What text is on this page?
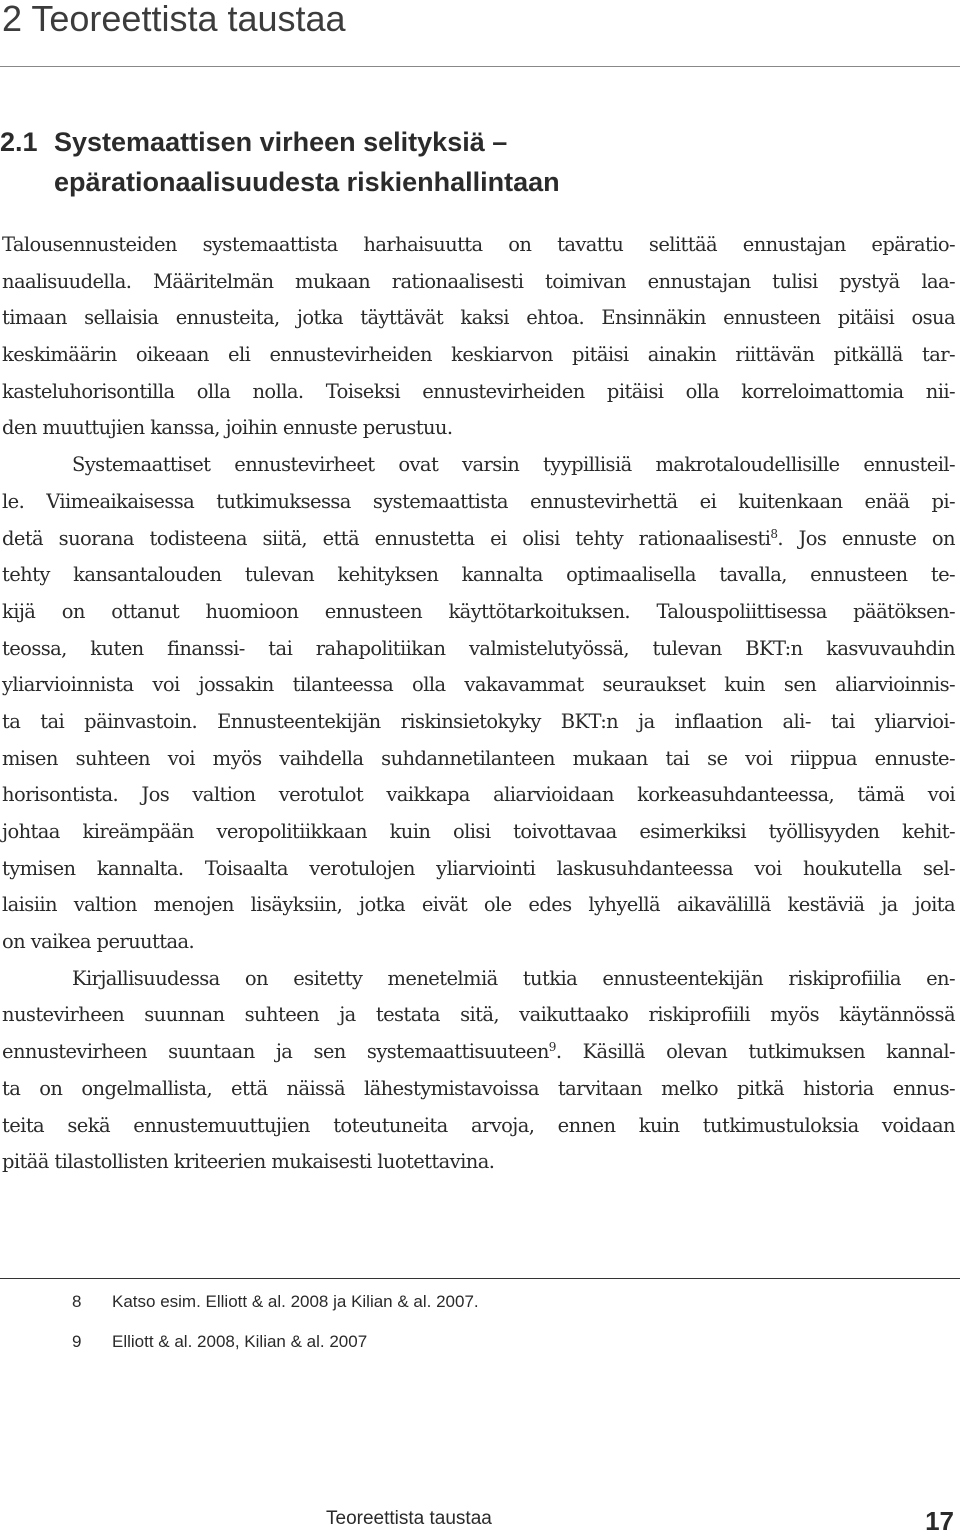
2 Teoreettista taustaa
2.1 Systemaattisen virheen selityksiä –
epärationaalisuudesta riskienhallintaan
Talousennusteiden systemaattista harhaisuutta on tavattu selittää ennustajan epäratio-
naalisuudella. Määritelmän mukaan rationaalisesti toimivan ennustajan tulisi pystyä laa-
timaan sellaisia ennusteita, jotka täyttävät kaksi ehtoa. Ensinnäkin ennusteen pitäisi osua
keskimäärin oikeaan eli ennustevirheiden keskiarvon pitäisi ainakin riittävän pitkällä tar-
kasteluhorisontilla olla nolla. Toiseksi ennustevirheiden pitäisi olla korreloimattomia nii-
den muuttujien kanssa, joihin ennuste perustuu.
Systemaattiset ennustevirheet ovat varsin tyypillisiä makrotaloudellisille ennusteil-
le. Viimeaikaisessa tutkimuksessa systemaattista ennustevirhettä ei kuitenkaan enää pi-
detä suorana todisteena siitä, että ennustetta ei olisi tehty rationaalisesti$^8$. Jos ennuste on
tehty kansantalouden tulevan kehityksen kannalta optimaalisella tavalla, ennusteen te-
kijä on ottanut huomioon ennusteen käyttötarkoituksen. Talouspoliittisessa päätöksen-
teossa, kuten finanssi- tai rahapolitiikan valmistelutyössä, tulevan BKT:n kasvuvauhdin
yliarvioinnista voi jossakin tilanteessa olla vakavammat seuraukset kuin sen aliarvioinnis-
ta tai päinvastoin. Ennusteentekijän riskinsietokyky BKT:n ja inflaation ali- tai yliarvioi-
misen suhteen voi myös vaihdella suhdannetilanteen mukaan tai se voi riippua ennuste-
horisontista. Jos valtion verotulot vaikkapa aliarvioidaan korkeasuhdanteessa, tämä voi
johtaa kireämpään veropolitiikkaan kuin olisi toivottavaa esimerkiksi työllisyyden kehit-
tymisen kannalta. Toisaalta verotulojen yliarviointi laskusuhdanteessa voi houkutella sel-
laisiin valtion menojen lisäyksiin, jotka eivät ole edes lyhyellä aikavälillä kestäviä ja joita
on vaikea peruuttaa.
Kirjallisuudessa on esitetty menetelmiä tutkia ennusteentekijän riskiprofiilia en-
nustevirheen suunnan suhteen ja testata sitä, vaikuttaako riskiprofiili myös käytännössä
ennustevirheen suuntaan ja sen systemaattisuuteen$^9$. Käsillä olevan tutkimuksen kannal-
ta on ongelmallista, että näissä lähestymistavoissa tarvitaan melko pitkä historia ennus-
teita sekä ennustemuuttujien toteutuneita arvoja, ennen kuin tutkimustuloksia voidaan
pitää tilastollisten kriteerien mukaisesti luotettavina.
8 Katso esim. Elliott & al. 2008 ja Kilian & al. 2007.
9 Elliott & al. 2008, Kilian & al. 2007
Teoreettista taustaa	17
